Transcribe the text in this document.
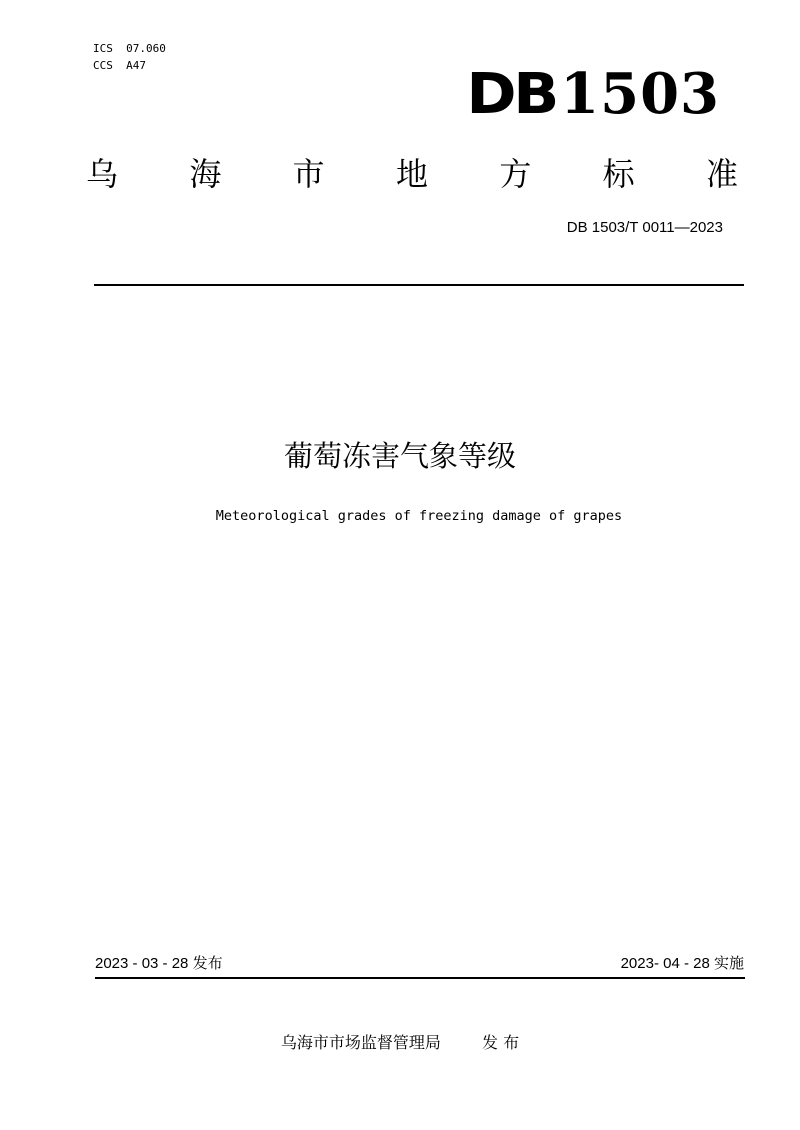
ICS  07.060
CCS  A47	DB 1503
乌 海 市 地 方 标 准
DB 1503/T 0011—2023
葡萄冻害气象等级
Meteorological grades of freezing damage of grapes
2023 - 03 - 28 发布	2023- 04 - 28 实施
乌海市市场监督管理局	发 布
